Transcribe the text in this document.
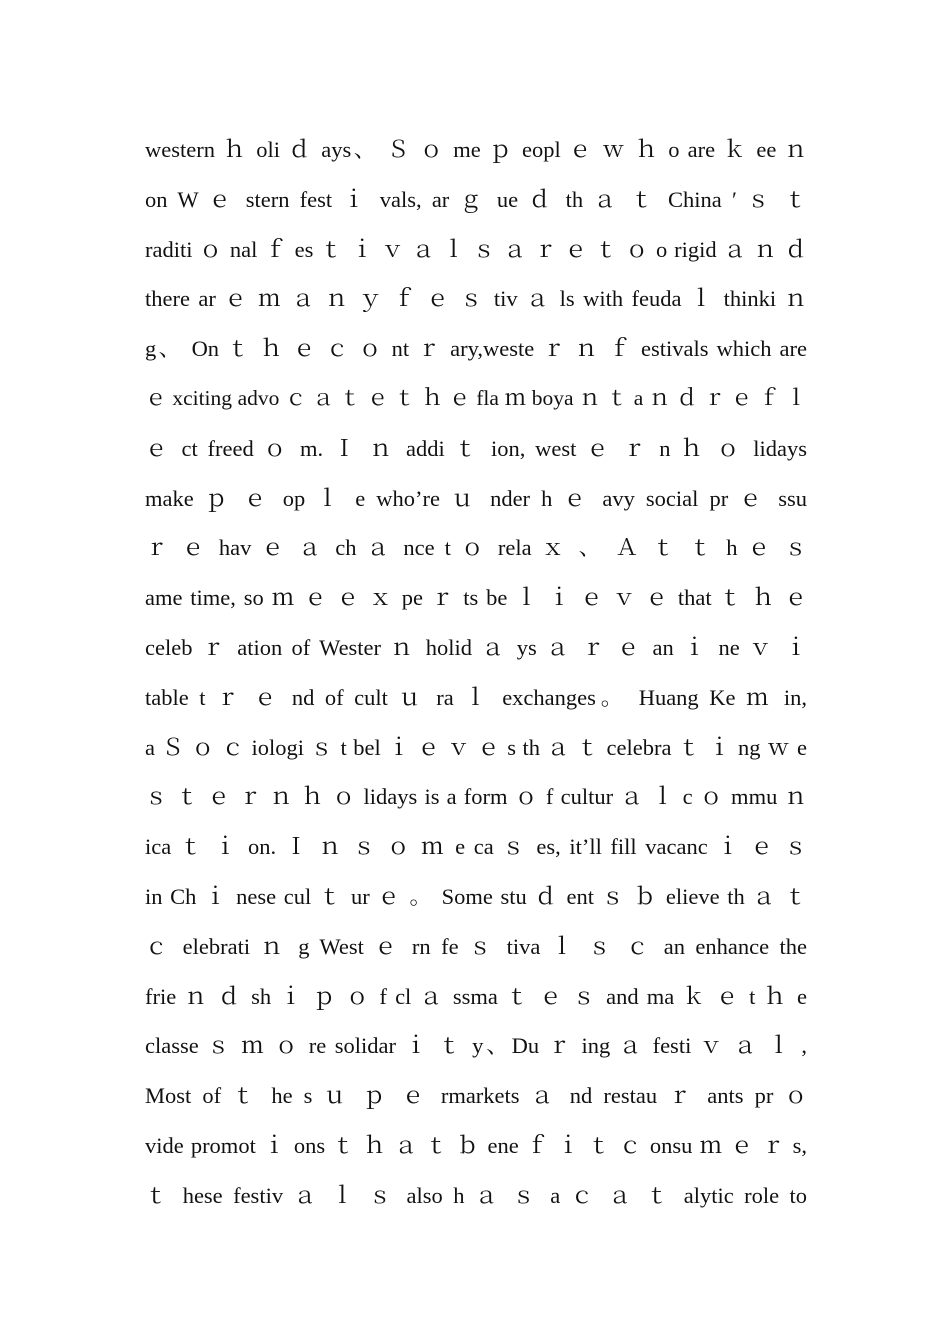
western ｈ oli ｄ ays、 Ｓ ｏ me ｐ eopl ｅ ｗ ｈ o are ｋ ee ｎ
on W ｅ stern fest ｉ vals, ar ｇ ue ｄ th ａ ｔ China ′ ｓ ｔ
raditi ｏ nal ｆ es ｔ ｉ ｖ ａ ｌ ｓ ａ ｒ ｅ ｔ ｏ o rigid ａ ｎ ｄ
there ar ｅ ｍ ａ ｎ ｙ ｆ ｅ ｓ tiv ａ ls with feuda ｌ thinki ｎ
g、 On ｔ ｈ ｅ ｃ ｏ nt ｒ ary,weste ｒ ｎ ｆ estivals which are
ｅ xciting advo ｃ ａ ｔ ｅ ｔ ｈ ｅ fla ｍ boya ｎ ｔ a ｎ ｄ ｒ ｅ ｆ ｌ
ｅ ct freed ｏ m. Ｉ ｎ addi ｔ ion, west ｅ ｒ n ｈ ｏ lidays
make ｐ ｅ op ｌ e who’re ｕ nder h ｅ avy social pr ｅ ssu
ｒ ｅ hav ｅ ａ ch ａ nce t ｏ rela ｘ 、 Ａ ｔ ｔ h ｅ ｓ
ame time, so ｍ ｅ ｅ ｘ pe ｒ ts be ｌ ｉ ｅ ｖ ｅ that ｔ ｈ ｅ
celeb ｒ ation of Wester ｎ holid ａ ys ａ ｒ ｅ an ｉ ne ｖ ｉ
table t ｒ ｅ nd of cult ｕ ra ｌ exchanges。 Huang Ke ｍ in,
a Ｓ ｏ ｃ iologi ｓ t bel ｉ ｅ ｖ ｅ s th ａ ｔ celebra ｔ ｉ ng ｗ e
ｓ ｔ ｅ ｒ ｎ ｈ ｏ lidays is a form ｏ f cultur ａ ｌ c ｏ mmu ｎ
ica ｔ ｉ on. Ｉ ｎ ｓ ｏ ｍ e ca ｓ es, it’ll fill vacanc ｉ ｅ ｓ
in Ch ｉ nese cul ｔ ur ｅ 。 Some stu ｄ ent ｓ ｂ elieve th ａ ｔ
ｃ elebrati ｎ g West ｅ rn fe ｓ tiva ｌ ｓ ｃ an enhance the
frie ｎ ｄ sh ｉ ｐ ｏ f cl ａ ssma ｔ ｅ ｓ and ma ｋ ｅ t ｈ e
classe ｓ ｍ ｏ re solidar ｉ ｔ y、Du ｒ ing ａ festi ｖ ａ ｌ ,
Most of ｔ he s ｕ ｐ ｅ rmarkets ａ nd restau ｒ ants pr ｏ
vide promot ｉ ons ｔ ｈ ａ ｔ ｂ ene ｆ ｉ ｔ ｃ onsu ｍ ｅ ｒ s,
ｔ hese festiv ａ ｌ ｓ also h ａ ｓ a ｃ ａ ｔ alytic role to
